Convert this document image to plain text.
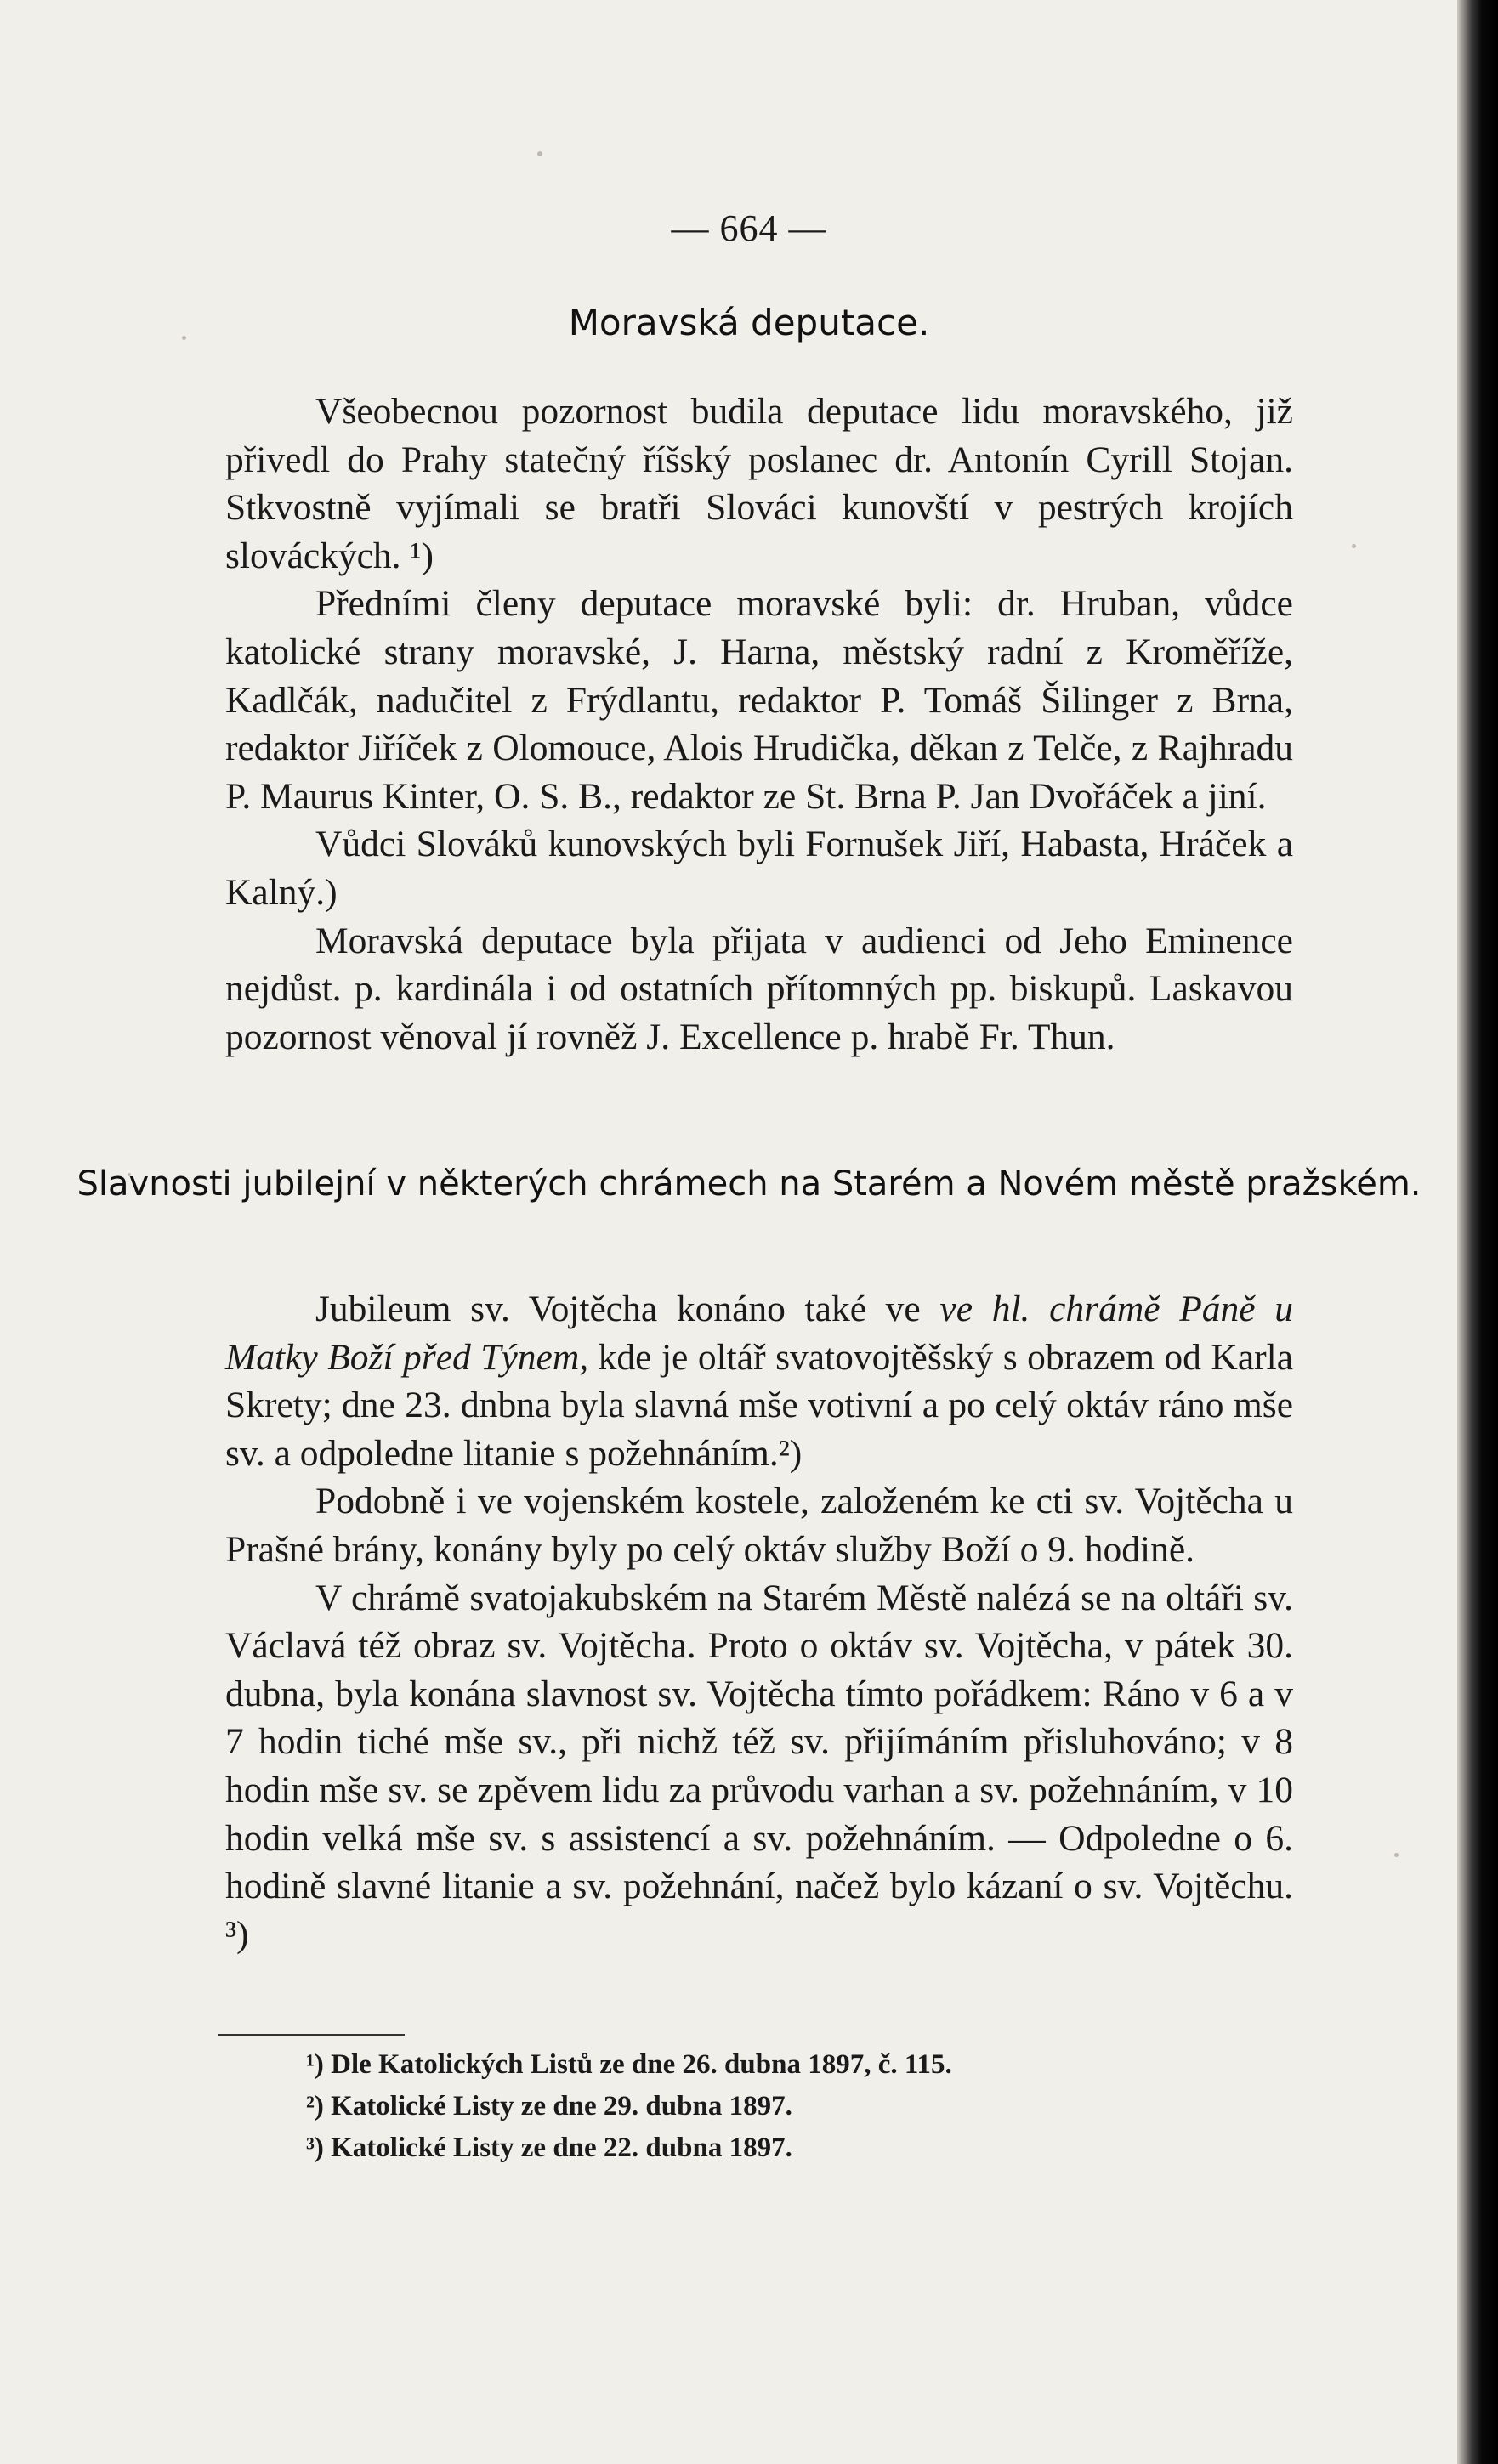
— 664 —
Moravská deputace.

Všeobecnou pozornost budila deputace lidu moravského, již přivedl do Prahy statečný říšský poslanec dr. Antonín Cyrill Stojan. Stkvostně vyjímali se bratři Slováci kunovští v pestrých krojích slováckých. ¹)

Předními členy deputace moravské byli: dr. Hruban, vůdce katolické strany moravské, J. Harna, městský radní z Kroměříže, Kadlčák, nadučitel z Frýdlantu, redaktor P. Tomáš Šilinger z Brna, redaktor Jiříček z Olomouce, Alois Hrudička, děkan z Telče, z Rajhradu P. Maurus Kinter, O. S. B., redaktor ze St. Brna P. Jan Dvořáček a jiní.

Vůdci Slováků kunovských byli Fornušek Jiří, Habasta, Hráček a Kalný.)

Moravská deputace byla přijata v audienci od Jeho Eminence nejdůst. p. kardinála i od ostatních přítomných pp. biskupů. Laskavou pozornost věnoval jí rovněž J. Excellence p. hrabě Fr. Thun.

Slavnosti jubilejní v některých chrámech na Starém a Novém městě pražském.

Jubileum sv. Vojtěcha konáno také ve ve hl. chrámě Páně u Matky Boží před Týnem, kde je oltář svatovojtěšský s obrazem od Karla Skrety; dne 23. dnbna byla slavná mše votivní a po celý oktáv ráno mše sv. a odpoledne litanie s požehnáním.²)

Podobně i ve vojenském kostele, založeném ke cti sv. Vojtěcha u Prašné brány, konány byly po celý oktáv služby Boží o 9. hodině.

V chrámě svatojakubském na Starém Městě nalézá se na oltáři sv. Václavá též obraz sv. Vojtěcha. Proto o oktáv sv. Vojtěcha, v pátek 30. dubna, byla konána slavnost sv. Vojtěcha tímto pořádkem: Ráno v 6 a v 7 hodin tiché mše sv., při nichž též sv. přijímáním přisluhováno; v 8 hodin mše sv. se zpěvem lidu za průvodu varhan a sv. požehnáním, v 10 hodin velká mše sv. s assistencí a sv. požehnáním. — Odpoledne o 6. hodině slavné litanie a sv. požehnání, načež bylo kázaní o sv. Vojtěchu. ³)

¹) Dle Katolických Listů ze dne 26. dubna 1897, č. 115.
²) Katolické Listy ze dne 29. dubna 1897.
³) Katolické Listy ze dne 22. dubna 1897.
